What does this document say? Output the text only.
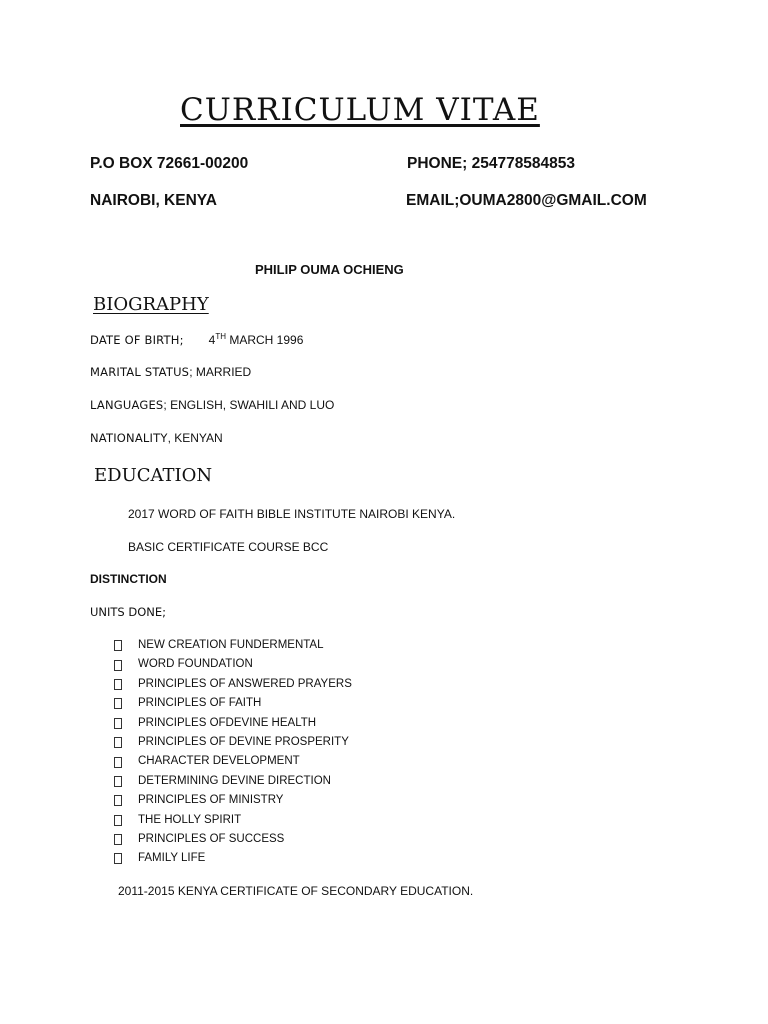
CURRICULUM VITAE
P.O BOX 72661-00200	PHONE; 254778584853
NAIROBI, KENYA	EMAIL;OUMA2800@GMAIL.COM
PHILIP OUMA OCHIENG
BIOGRAPHY
DATE OF BIRTH; 4TH MARCH 1996
MARITAL STATUS; MARRIED
LANGUAGES; ENGLISH, SWAHILI AND LUO
NATIONALITY, KENYAN
EDUCATION
2017 WORD OF FAITH BIBLE INSTITUTE NAIROBI KENYA.
BASIC CERTIFICATE COURSE BCC
DISTINCTION
UNITS DONE;
NEW CREATION FUNDERMENTAL
WORD FOUNDATION
PRINCIPLES OF ANSWERED PRAYERS
PRINCIPLES OF FAITH
PRINCIPLES OFDEVINE HEALTH
PRINCIPLES OF DEVINE PROSPERITY
CHARACTER DEVELOPMENT
DETERMINING DEVINE DIRECTION
PRINCIPLES OF MINISTRY
THE HOLLY SPIRIT
PRINCIPLES OF SUCCESS
FAMILY LIFE
2011-2015 KENYA CERTIFICATE OF SECONDARY EDUCATION.
